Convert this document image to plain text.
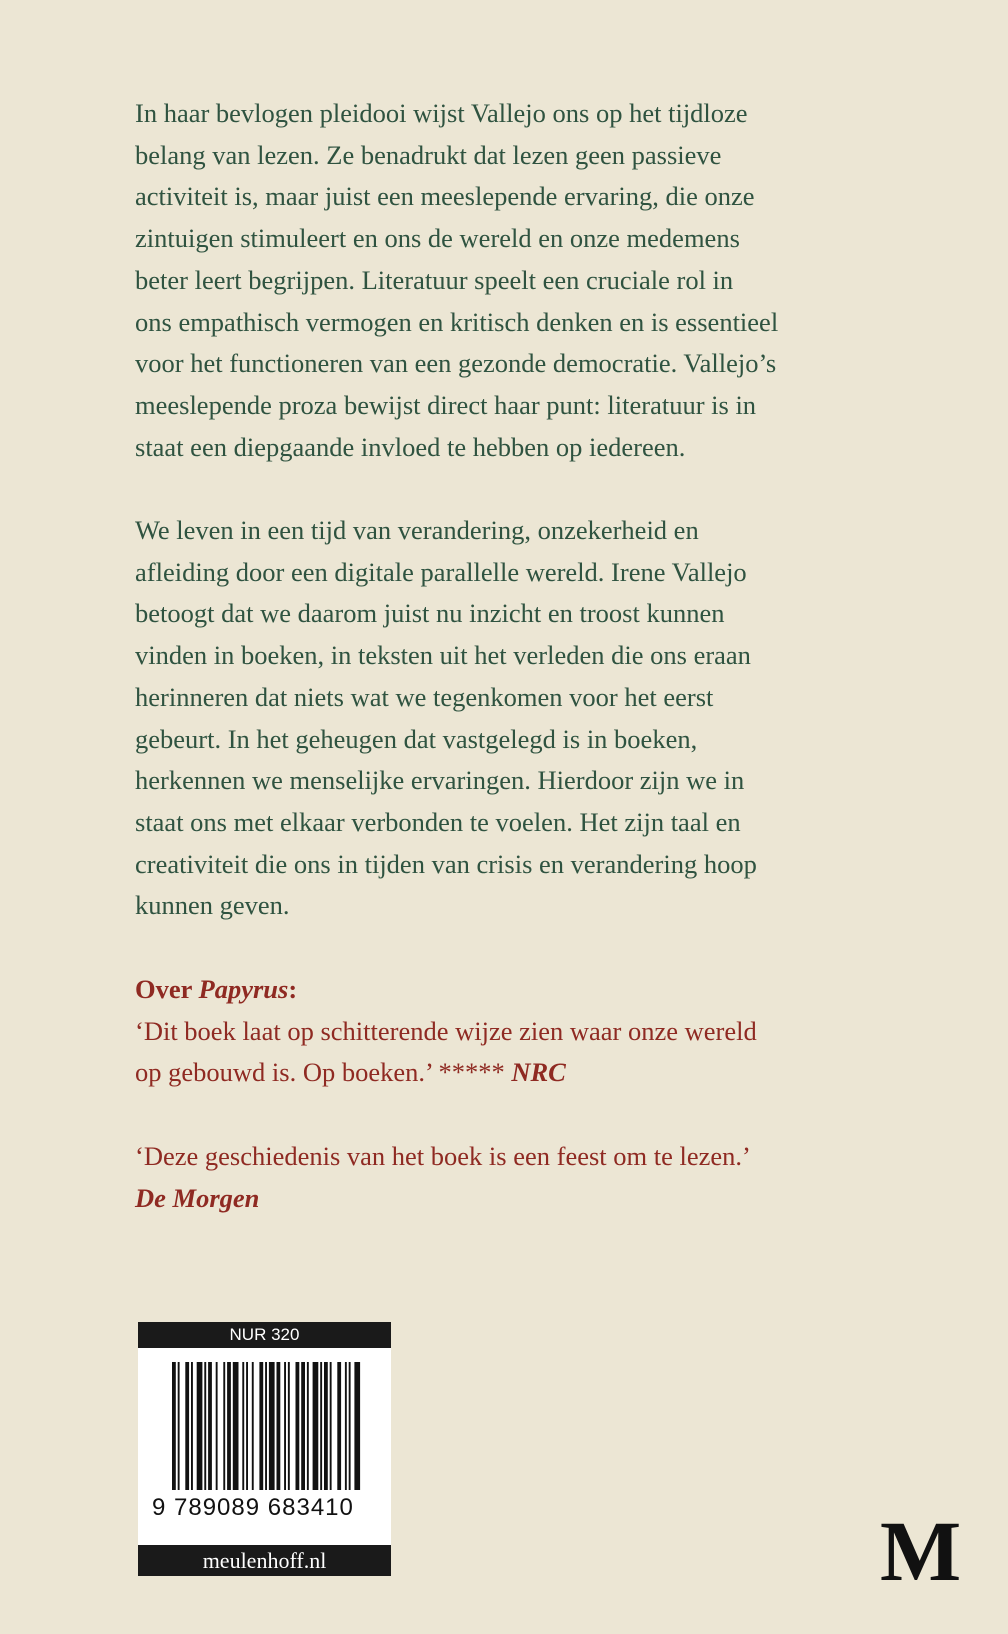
In haar bevlogen pleidooi wijst Vallejo ons op het tijdloze

belang van lezen. Ze benadrukt dat lezen geen passieve

activiteit is, maar juist een meeslepende ervaring, die onze

zintuigen stimuleert en ons de wereld en onze medemens

beter leert begrijpen. Literatuur speelt een cruciale rol in

ons empathisch vermogen en kritisch denken en is essentieel

voor het functioneren van een gezonde democratie. Vallejo’s

meeslepende proza bewijst direct haar punt: literatuur is in

staat een diepgaande invloed te hebben op iedereen.

We leven in een tijd van verandering, onzekerheid en

afleiding door een digitale parallelle wereld. Irene Vallejo

betoogt dat we daarom juist nu inzicht en troost kunnen

vinden in boeken, in teksten uit het verleden die ons eraan

herinneren dat niets wat we tegenkomen voor het eerst

gebeurt. In het geheugen dat vastgelegd is in boeken,

herkennen we menselijke ervaringen. Hierdoor zijn we in

staat ons met elkaar verbonden te voelen. Het zijn taal en

creativiteit die ons in tijden van crisis en verandering hoop

kunnen geven.

Over Papyrus:
‘Dit boek laat op schitterende wijze zien waar onze wereld
op gebouwd is. Op boeken.’ ***** NRC
‘Deze geschiedenis van het boek is een feest om te lezen.’
De Morgen
NUR 320
9 789089 683410
meulenhoff.nl	M
